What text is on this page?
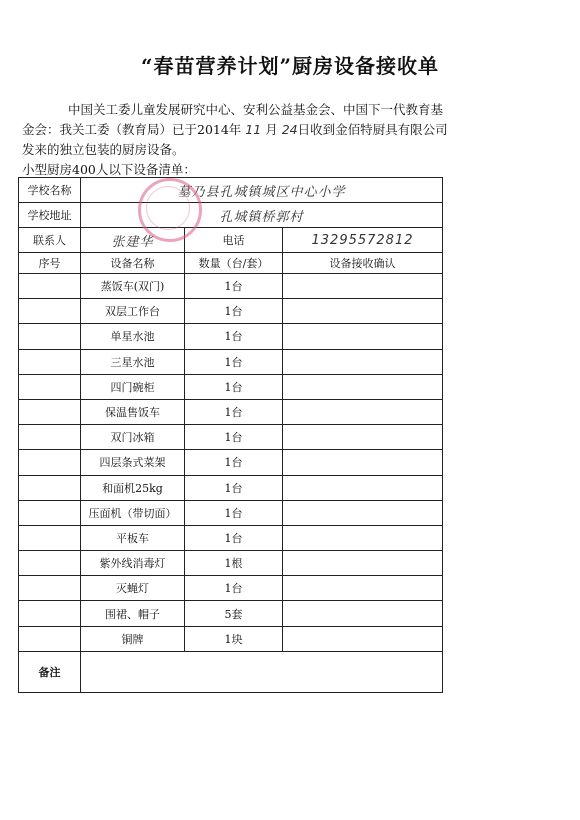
“春苗营养计划”厨房设备接收单
中国关工委儿童发展研究中心、安利公益基金会、中国下一代教育基金会：我关工委（教育局）已于2014年 11 月 24日收到金佰特厨具有限公司发来的独立包装的厨房设备。
小型厨房400人以下设备清单：
学校名称	墓乃县孔城镇城区中心小学		
学校地址	孔城镇桥郭村		
联系人	张建华	电话	13295572812
序号	设备名称	数量（台/套）	设备接收确认
	蒸饭车(双门)	1台	
	双层工作台	1台	
	单星水池	1台	
	三星水池	1台	
	四门碗柜	1台	
	保温售饭车	1台	
	双门冰箱	1台	
	四层条式菜架	1台	
	和面机25kg	1台	
	压面机（带切面）	1台	
	平板车	1台	
	紫外线消毒灯	1根	
	灭蝇灯	1台	
	围裙、帽子	5套	
	铜牌	1块	
备注			
